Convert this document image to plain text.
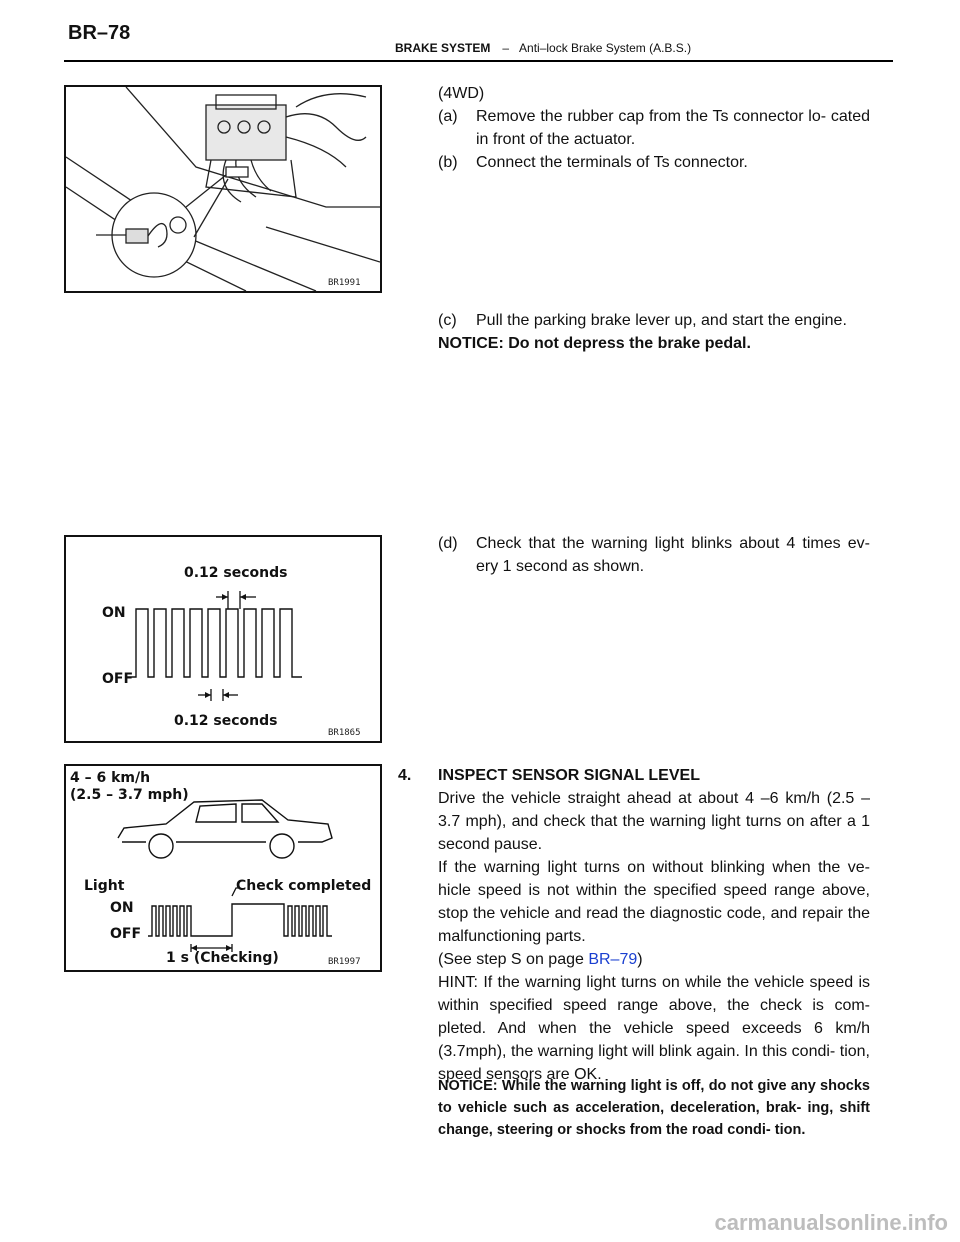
BR–78
BRAKE SYSTEM – Anti–lock Brake System (A.B.S.)
BR1991
0.12 seconds
ON
OFF
0.12 seconds
BR1865
4 – 6 km/h
(2.5 – 3.7 mph)
Light
ON
OFF
Check completed
1 s (Checking)	BR1997
(4WD)
(a) Remove the rubber cap from the Ts connector lo- cated in front of the actuator.
(b) Connect the terminals of Ts connector.
(c) Pull the parking brake lever up, and start the engine.
NOTICE: Do not depress the brake pedal.
(d) Check that the warning light blinks about 4 times ev- ery 1 second as shown.
4. INSPECT SENSOR SIGNAL LEVEL
Drive the vehicle straight ahead at about 4 –6 km/h (2.5 – 3.7 mph), and check that the warning light turns on after a 1 second pause.
If the warning light turns on without blinking when the ve- hicle speed is not within the specified speed range above, stop the vehicle and read the diagnostic code, and repair the malfunctioning parts.
(See step S on page BR–79)
HINT: If the warning light turns on while the vehicle speed is within specified speed range above, the check is com- pleted. And when the vehicle speed exceeds 6 km/h (3.7mph), the warning light will blink again. In this condi- tion, speed sensors are OK.
NOTICE: While the warning light is off, do not give any shocks to vehicle such as acceleration, deceleration, brak- ing, shift change, steering or shocks from the road condi- tion.
carmanualsonline.info
